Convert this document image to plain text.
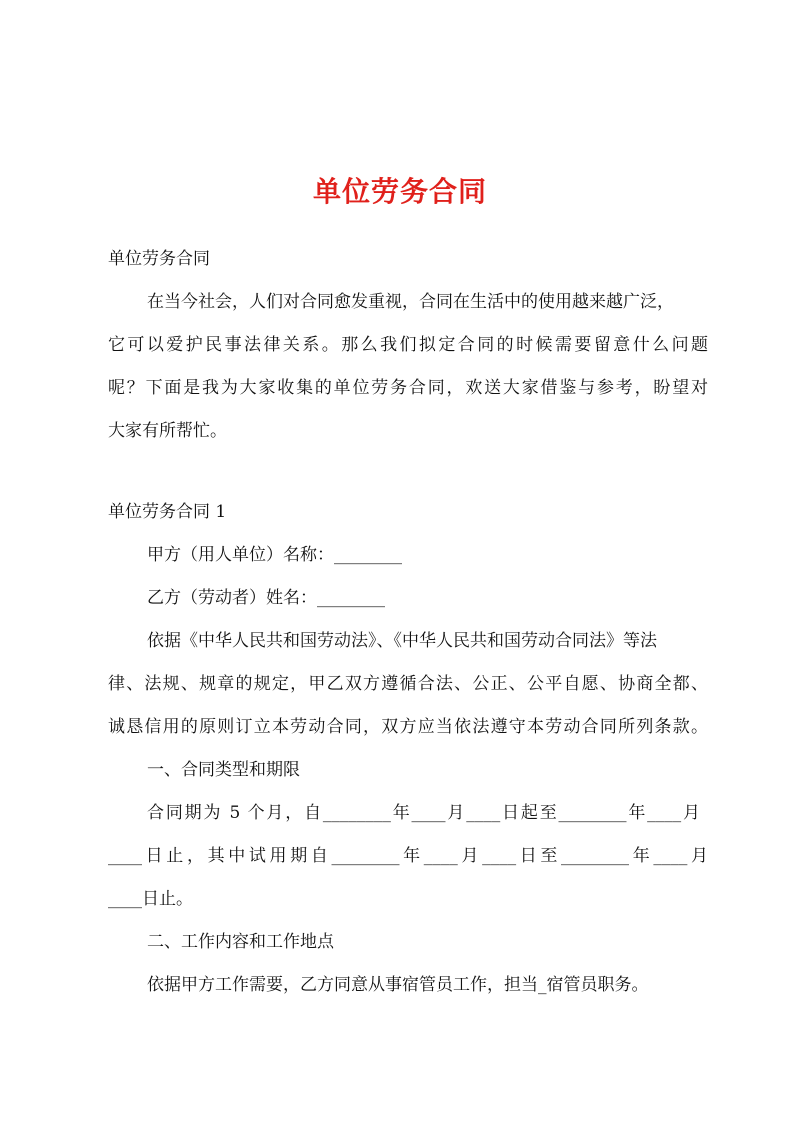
单位劳务合同
单位劳务合同
在当今社会，人们对合同愈发重视，合同在生活中的使用越来越广泛，
它可以爱护民事法律关系。那么我们拟定合同的时候需要留意什么问题
呢？下面是我为大家收集的单位劳务合同，欢送大家借鉴与参考，盼望对
大家有所帮忙。
单位劳务合同 1
甲方（用人单位）名称：________
乙方（劳动者）姓名：________
依据《中华人民共和国劳动法》、《中华人民共和国劳动合同法》等法
律、法规、规章的规定，甲乙双方遵循合法、公正、公平自愿、协商全都、
诚恳信用的原则订立本劳动合同，双方应当依法遵守本劳动合同所列条款。
一、合同类型和期限
合同期为 5 个月，自________年____月____日起至________年____月
____日止，其中试用期自________年____月____日至________年____月
____日止。
二、工作内容和工作地点
依据甲方工作需要，乙方同意从事宿管员工作，担当_宿管员职务。
